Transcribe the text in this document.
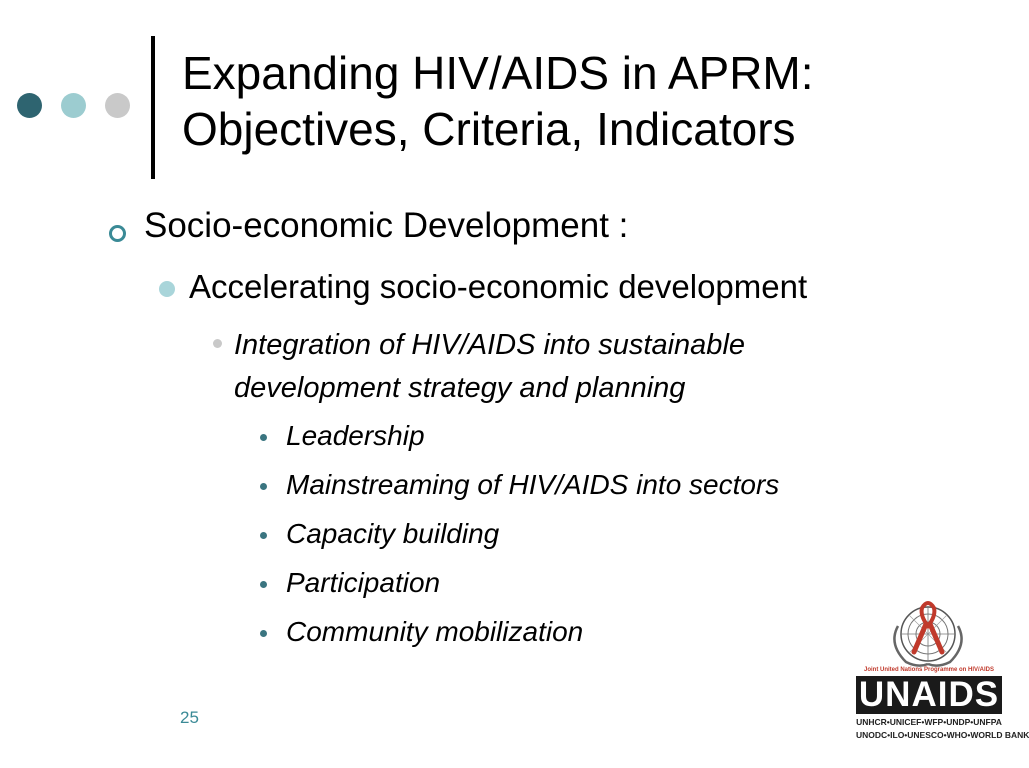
Expanding HIV/AIDS in APRM:
Objectives, Criteria, Indicators
Socio-economic Development :
Accelerating socio-economic development
Integration of HIV/AIDS into sustainable
development strategy and planning
Leadership
Mainstreaming of HIV/AIDS into sectors
Capacity building
Participation
Community mobilization
25
Joint United Nations Programme on HIV/AIDS
UNAIDS
UNHCR•UNICEF•WFP•UNDP•UNFPA
UNODC•ILO•UNESCO•WHO•WORLD BANK
